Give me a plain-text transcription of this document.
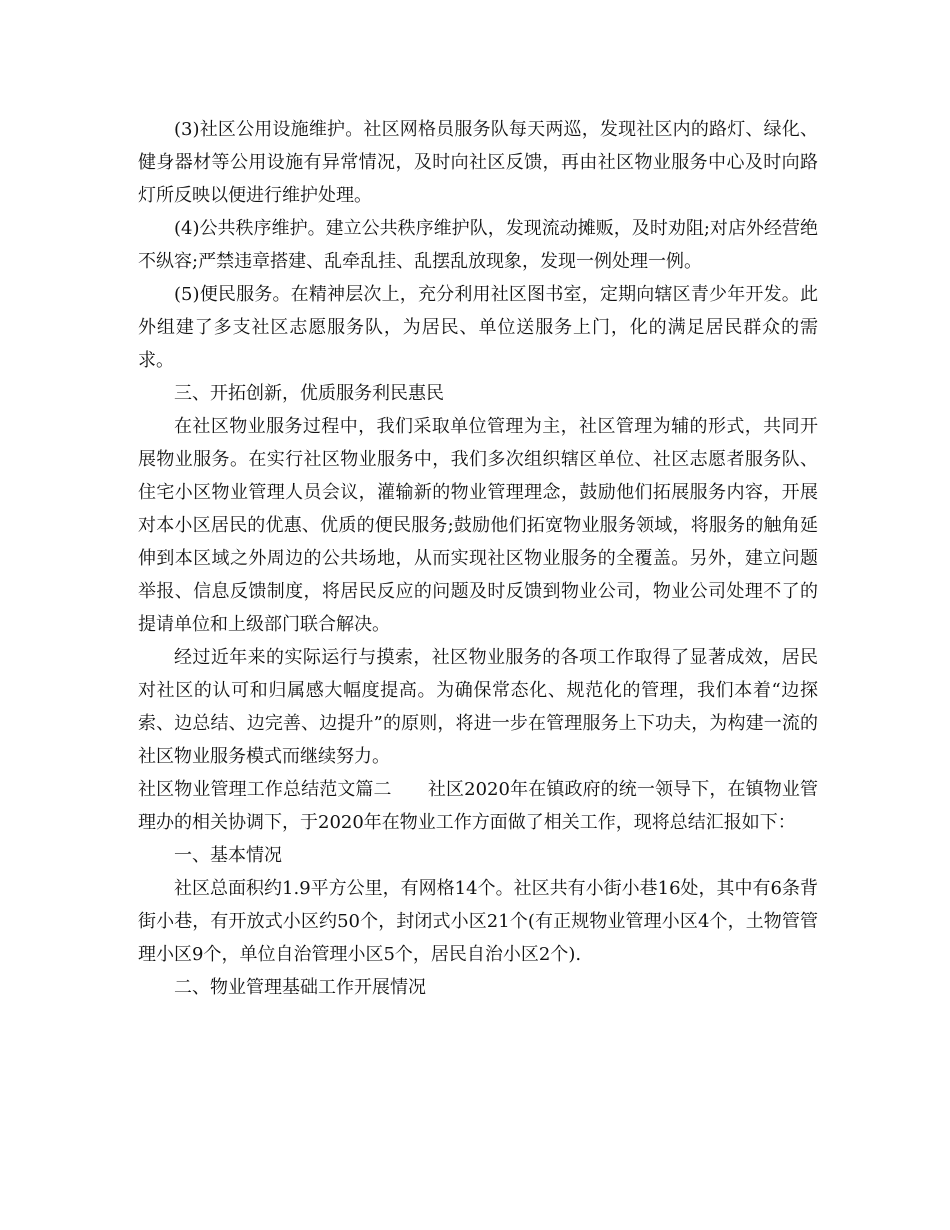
(3)社区公用设施维护。社区网格员服务队每天两巡，发现社区内的路灯、绿化、健身器材等公用设施有异常情况，及时向社区反馈，再由社区物业服务中心及时向路灯所反映以便进行维护处理。

(4)公共秩序维护。建立公共秩序维护队，发现流动摊贩，及时劝阻;对店外经营绝不纵容;严禁违章搭建、乱牵乱挂、乱摆乱放现象，发现一例处理一例。

(5)便民服务。在精神层次上，充分利用社区图书室，定期向辖区青少年开发。此外组建了多支社区志愿服务队，为居民、单位送服务上门，化的满足居民群众的需求。

三、开拓创新，优质服务利民惠民

在社区物业服务过程中，我们采取单位管理为主，社区管理为辅的形式，共同开展物业服务。在实行社区物业服务中，我们多次组织辖区单位、社区志愿者服务队、住宅小区物业管理人员会议，灌输新的物业管理理念，鼓励他们拓展服务内容，开展对本小区居民的优惠、优质的便民服务;鼓励他们拓宽物业服务领域，将服务的触角延伸到本区域之外周边的公共场地，从而实现社区物业服务的全覆盖。另外，建立问题举报、信息反馈制度，将居民反应的问题及时反馈到物业公司，物业公司处理不了的提请单位和上级部门联合解决。

经过近年来的实际运行与摸索，社区物业服务的各项工作取得了显著成效，居民对社区的认可和归属感大幅度提高。为确保常态化、规范化的管理，我们本着“边探索、边总结、边完善、边提升”的原则，将进一步在管理服务上下功夫，为构建一流的社区物业服务模式而继续努力。

社区物业管理工作总结范文篇二　　社区2020年在镇政府的统一领导下，在镇物业管理办的相关协调下，于2020年在物业工作方面做了相关工作，现将总结汇报如下：

一、基本情况

社区总面积约1.9平方公里，有网格14个。社区共有小街小巷16处，其中有6条背街小巷，有开放式小区约50个，封闭式小区21个(有正规物业管理小区4个，土物管管理小区9个，单位自治管理小区5个，居民自治小区2个).

二、物业管理基础工作开展情况
